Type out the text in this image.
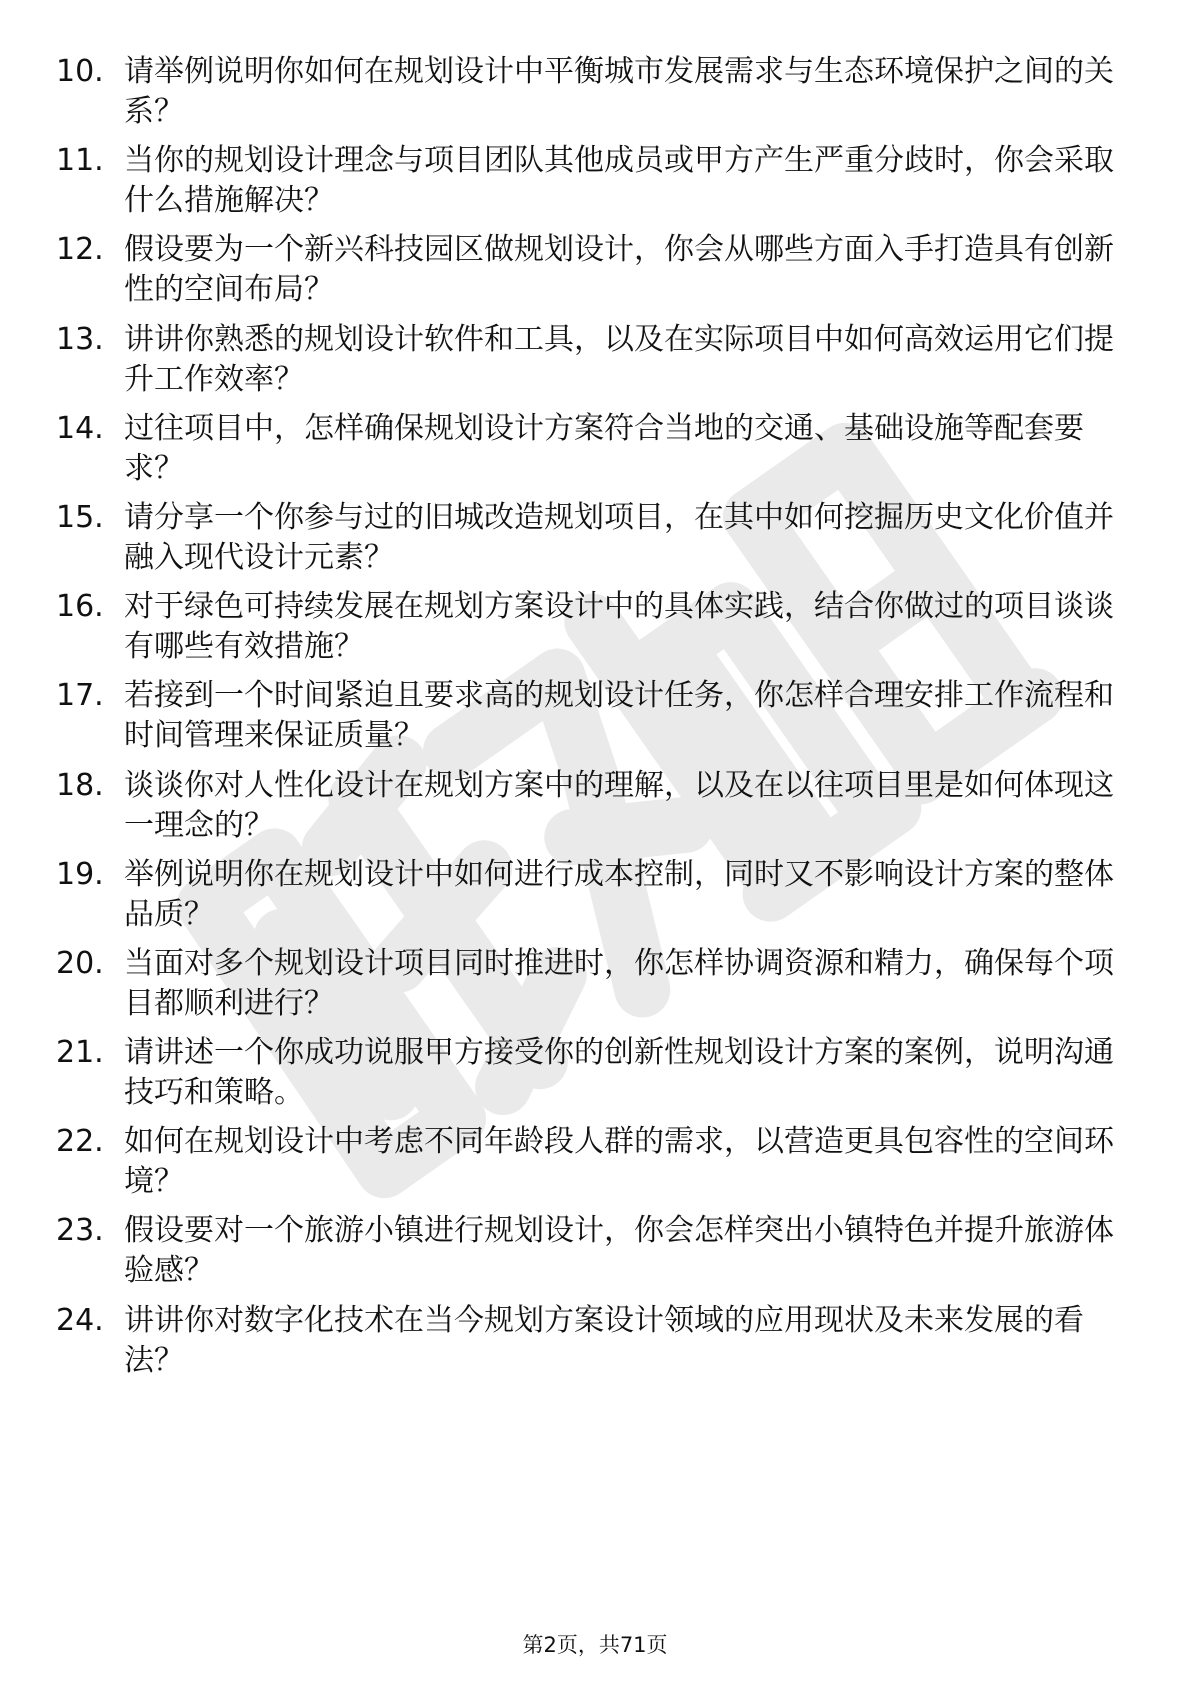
10. 请举例说明你如何在规划设计中平衡城市发展需求与生态环境保护之间的关系？
11. 当你的规划设计理念与项目团队其他成员或甲方产生严重分歧时，你会采取什么措施解决？
12. 假设要为一个新兴科技园区做规划设计，你会从哪些方面入手打造具有创新性的空间布局？
13. 讲讲你熟悉的规划设计软件和工具，以及在实际项目中如何高效运用它们提升工作效率？
14. 过往项目中，怎样确保规划设计方案符合当地的交通、基础设施等配套要求？
15. 请分享一个你参与过的旧城改造规划项目，在其中如何挖掘历史文化价值并融入现代设计元素？
16. 对于绿色可持续发展在规划方案设计中的具体实践，结合你做过的项目谈谈有哪些有效措施？
17. 若接到一个时间紧迫且要求高的规划设计任务，你怎样合理安排工作流程和时间管理来保证质量？
18. 谈谈你对人性化设计在规划方案中的理解，以及在以往项目里是如何体现这一理念的？
19. 举例说明你在规划设计中如何进行成本控制，同时又不影响设计方案的整体品质？
20. 当面对多个规划设计项目同时推进时，你怎样协调资源和精力，确保每个项目都顺利进行？
21. 请讲述一个你成功说服甲方接受你的创新性规划设计方案的案例，说明沟通技巧和策略。
22. 如何在规划设计中考虑不同年龄段人群的需求，以营造更具包容性的空间环境？
23. 假设要对一个旅游小镇进行规划设计，你会怎样突出小镇特色并提升旅游体验感？
24. 讲讲你对数字化技术在当今规划方案设计领域的应用现状及未来发展的看法？
第2页，共71页
